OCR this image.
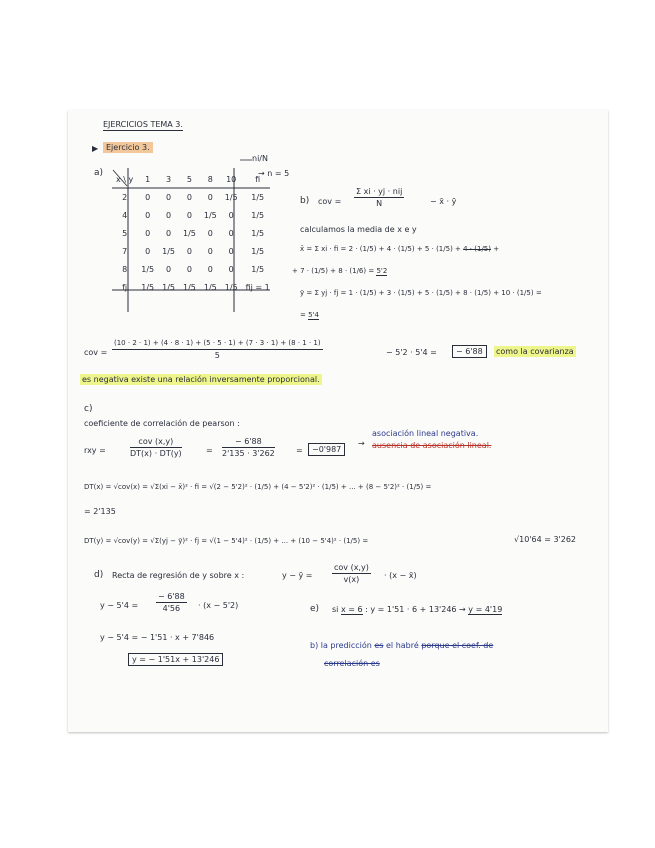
EJERCICIOS TEMA 3.
▶ Ejercicio 3.
a)
ni/N
→ n = 5
x \ y	1	3	5	8	10	fi
2	0	0	0	0	1/5	1/5
4	0	0	0	1/5	0	1/5
5	0	0	1/5	0	0	1/5
7	0	1/5	0	0	0	1/5
8	1/5	0	0	0	0	1/5
fj	1/5	1/5	1/5	1/5	1/5	fij = 1
b) cov =
Σ xi · yj · nij
N	− x̄ · ȳ
calculamos la media de x e y
x̄ = Σ xi · fi = 2 · (1/5) + 4 · (1/5) + 5 · (1/5) + 4 · (1/5) +
+ 7 · (1/5) + 8 · (1/6) = 5'2
ȳ = Σ yj · fj = 1 · (1/5) + 3 · (1/5) + 5 · (1/5) + 8 · (1/5) + 10 · (1/5) =
= 5'4
cov =
(10 · 2 · 1) + (4 · 8 · 1) + (5 · 5 · 1) + (7 · 3 · 1) + (8 · 1 · 1)
5	− 5'2 · 5'4 =	− 6'88	como la covarianza
es negativa existe una relación inversamente proporcional.
c)
coeficiente de correlación de pearson :
rxy =
cov (x,y)
DT(x) · DT(y)	= $\frac{- 6'88}{2'135 \cdot 3'262}$	=	−0'987
→
asociación lineal negativa.
ausencia de asociación lineal.
DT(x) = √cov(x) = √Σ(xi − x̄)² · fi = √(2 − 5'2)² · (1/5) + (4 − 5'2)² · (1/5) + ... + (8 − 5'2)² · (1/5) =
= 2'135
DT(y) = √cov(y) = √Σ(yj − ȳ)² · fj = √(1 − 5'4)² · (1/5) + ... + (10 − 5'4)² · (1/5) =	√10'64 = 3'262
d) Recta de regresión de y sobre x :	y − ȳ =
cov (x,y)
v(x)	· (x − x̄)
$y - 5'4 = \frac{- 6'88}{4'56} \cdot (x - 5'2)$
y − 5'4 = − 1'51 · x + 7'846
y = − 1'51x + 13'246
e) si x = 6 : y = 1'51 · 6 + 13'246 → y = 4'19
b) la predicción es el habré porque el coef. de
correlación es
